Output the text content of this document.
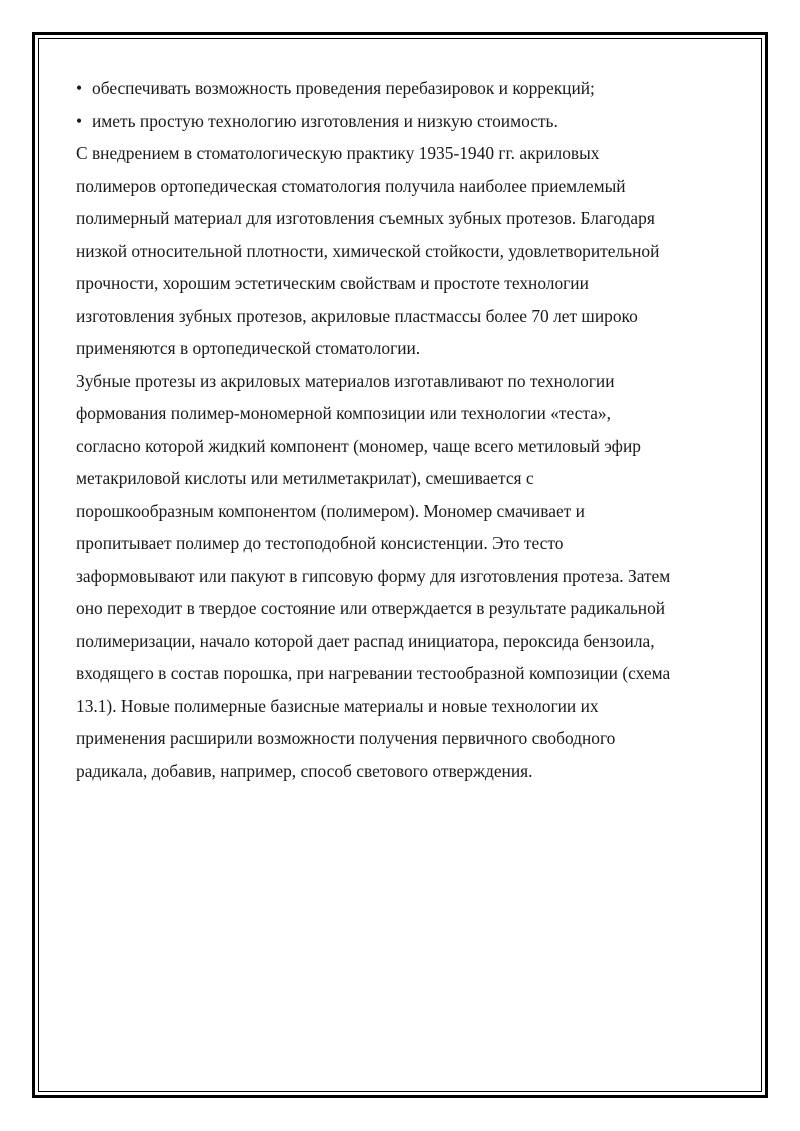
• обеспечивать возможность проведения перебазировок и коррекций;
• иметь простую технологию изготовления и низкую стоимость.

С внедрением в стоматологическую практику 1935-1940 гг. акриловых
полимеров ортопедическая стоматология получила наиболее приемлемый
полимерный материал для изготовления съемных зубных протезов. Благодаря
низкой относительной плотности, химической стойкости, удовлетворительной
прочности, хорошим эстетическим свойствам и простоте технологии
изготовления зубных протезов, акриловые пластмассы более 70 лет широко
применяются в ортопедической стоматологии.

Зубные протезы из акриловых материалов изготавливают по технологии
формования полимер-мономерной композиции или технологии «теста»,
согласно которой жидкий компонент (мономер, чаще всего метиловый эфир
метакриловой кислоты или метилметакрилат), смешивается с
порошкообразным компонентом (полимером). Мономер смачивает и
пропитывает полимер до тестоподобной консистенции. Это тесто
заформовывают или пакуют в гипсовую форму для изготовления протеза. Затем
оно переходит в твердое состояние или отверждается в результате радикальной
полимеризации, начало которой дает распад инициатора, пероксида бензоила,
входящего в состав порошка, при нагревании тестообразной композиции (схема
13.1). Новые полимерные базисные материалы и новые технологии их
применения расширили возможности получения первичного свободного
радикала, добавив, например, способ светового отверждения.
